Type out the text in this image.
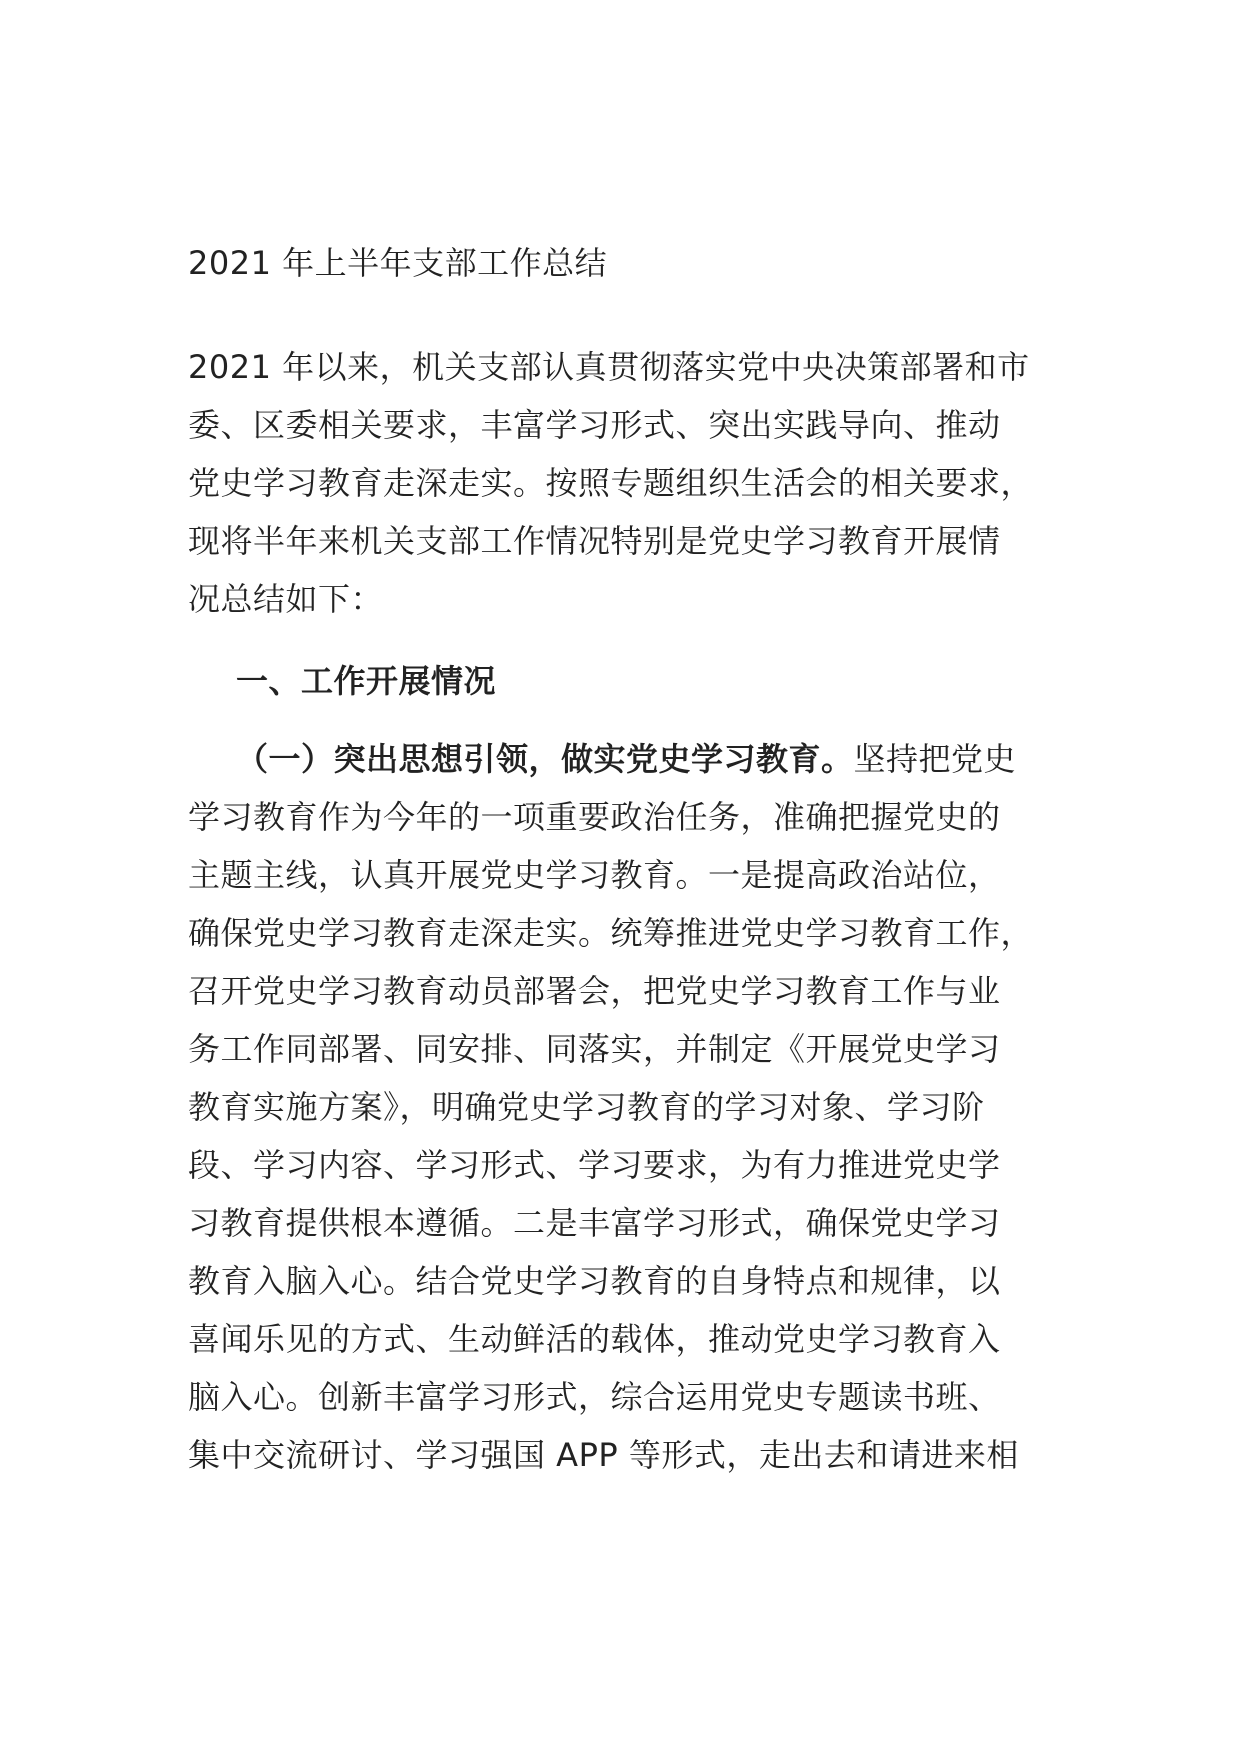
2021 年上半年支部工作总结
2021 年以来，机关支部认真贯彻落实党中央决策部署和市
委、区委相关要求，丰富学习形式、突出实践导向、推动
党史学习教育走深走实。按照专题组织生活会的相关要求，
现将半年来机关支部工作情况特别是党史学习教育开展情
况总结如下：
一、工作开展情况
（一）突出思想引领，做实党史学习教育。坚持把党史
学习教育作为今年的一项重要政治任务，准确把握党史的
主题主线，认真开展党史学习教育。一是提高政治站位，
确保党史学习教育走深走实。统筹推进党史学习教育工作，
召开党史学习教育动员部署会，把党史学习教育工作与业
务工作同部署、同安排、同落实，并制定《开展党史学习
教育实施方案》，明确党史学习教育的学习对象、学习阶
段、学习内容、学习形式、学习要求，为有力推进党史学
习教育提供根本遵循。二是丰富学习形式，确保党史学习
教育入脑入心。结合党史学习教育的自身特点和规律，以
喜闻乐见的方式、生动鲜活的载体，推动党史学习教育入
脑入心。创新丰富学习形式，综合运用党史专题读书班、
集中交流研讨、学习强国 APP 等形式，走出去和请进来相
